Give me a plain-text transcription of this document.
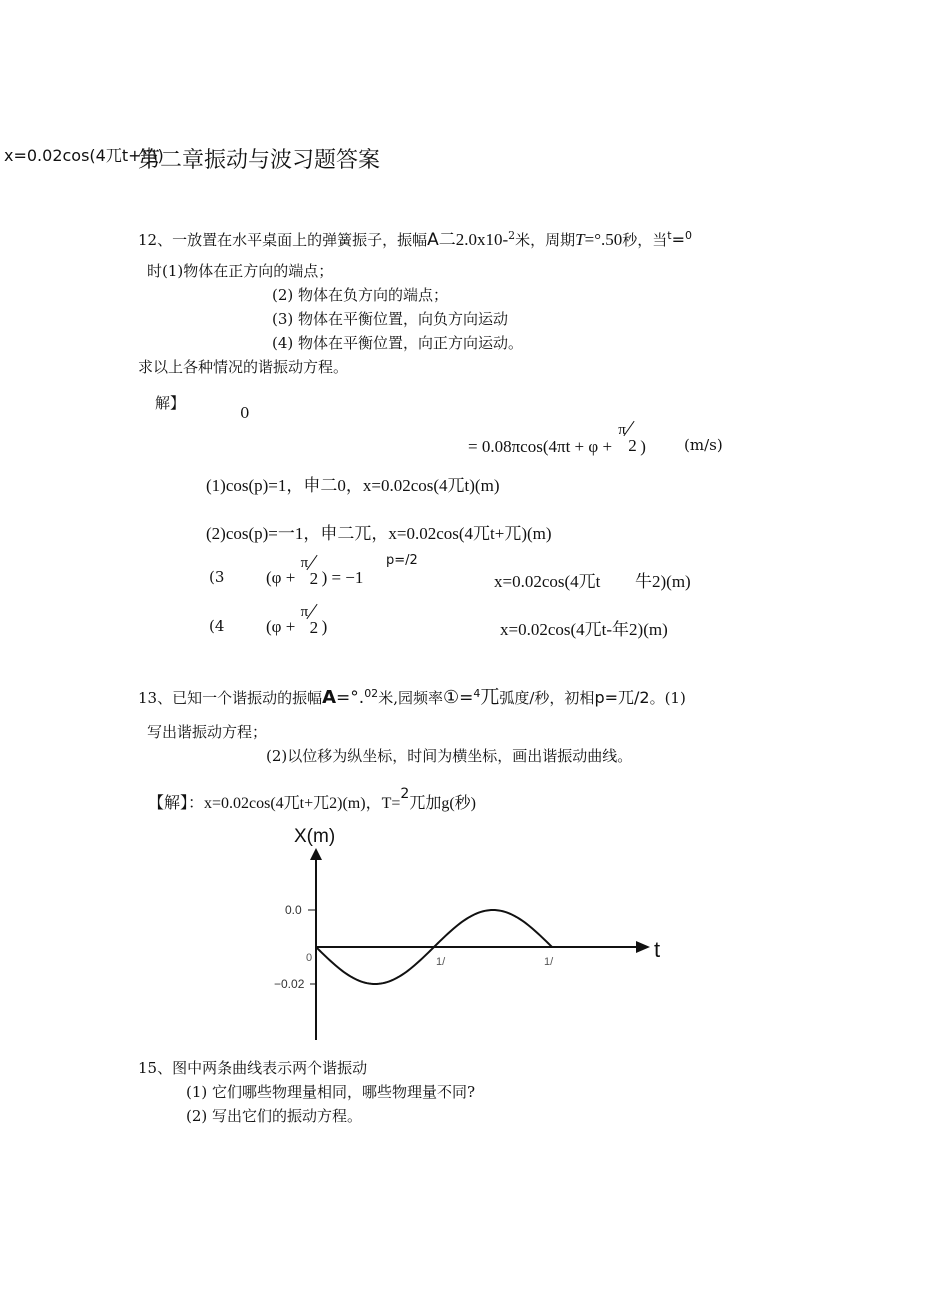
x=0.02cos(4兀t+电)
第二章振动与波习题答案
12、一放置在水平桌面上的弹簧振子，振幅A二2.0x10-$^2$米，周期T=°.50秒，当$^t$=$^0$
时(1)物体在正方向的端点；
(2) 物体在负方向的端点；
(3) 物体在平衡位置，向负方向运动
(4) 物体在平衡位置，向正方向运动。
求以上各种情况的谐振动方程。
解】
0
= 0.08πcos(4πt + φ +
π
2 )	(m/s)
(1)cos(p)=1，申二0，x=0.02cos(4兀t)(m)
(2)cos(p)=一1，申二兀，x=0.02cos(4兀t+兀)(m)
(3 (φ +
π
2 ) = −1
p=/2
x=0.02cos(4兀t 牛2)(m)
(4 (φ +
π
2 )	x=0.02cos(4兀t-年2)(m)
13、已知一个谐振动的振幅A=°.$^{02}$米,园频率①=$^4$兀弧度/秒，初相p=兀/2。(1)
写出谐振动方程；
(2)以位移为纵坐标，时间为横坐标，画出谐振动曲线。
【解】：x=0.02cos(4兀t+兀2)(m)，T=2兀加g(秒)
X(m)
t
0.0
−0.02
0	1/	1/
15、图中两条曲线表示两个谐振动
(1) 它们哪些物理量相同，哪些物理量不同?
(2) 写出它们的振动方程。
